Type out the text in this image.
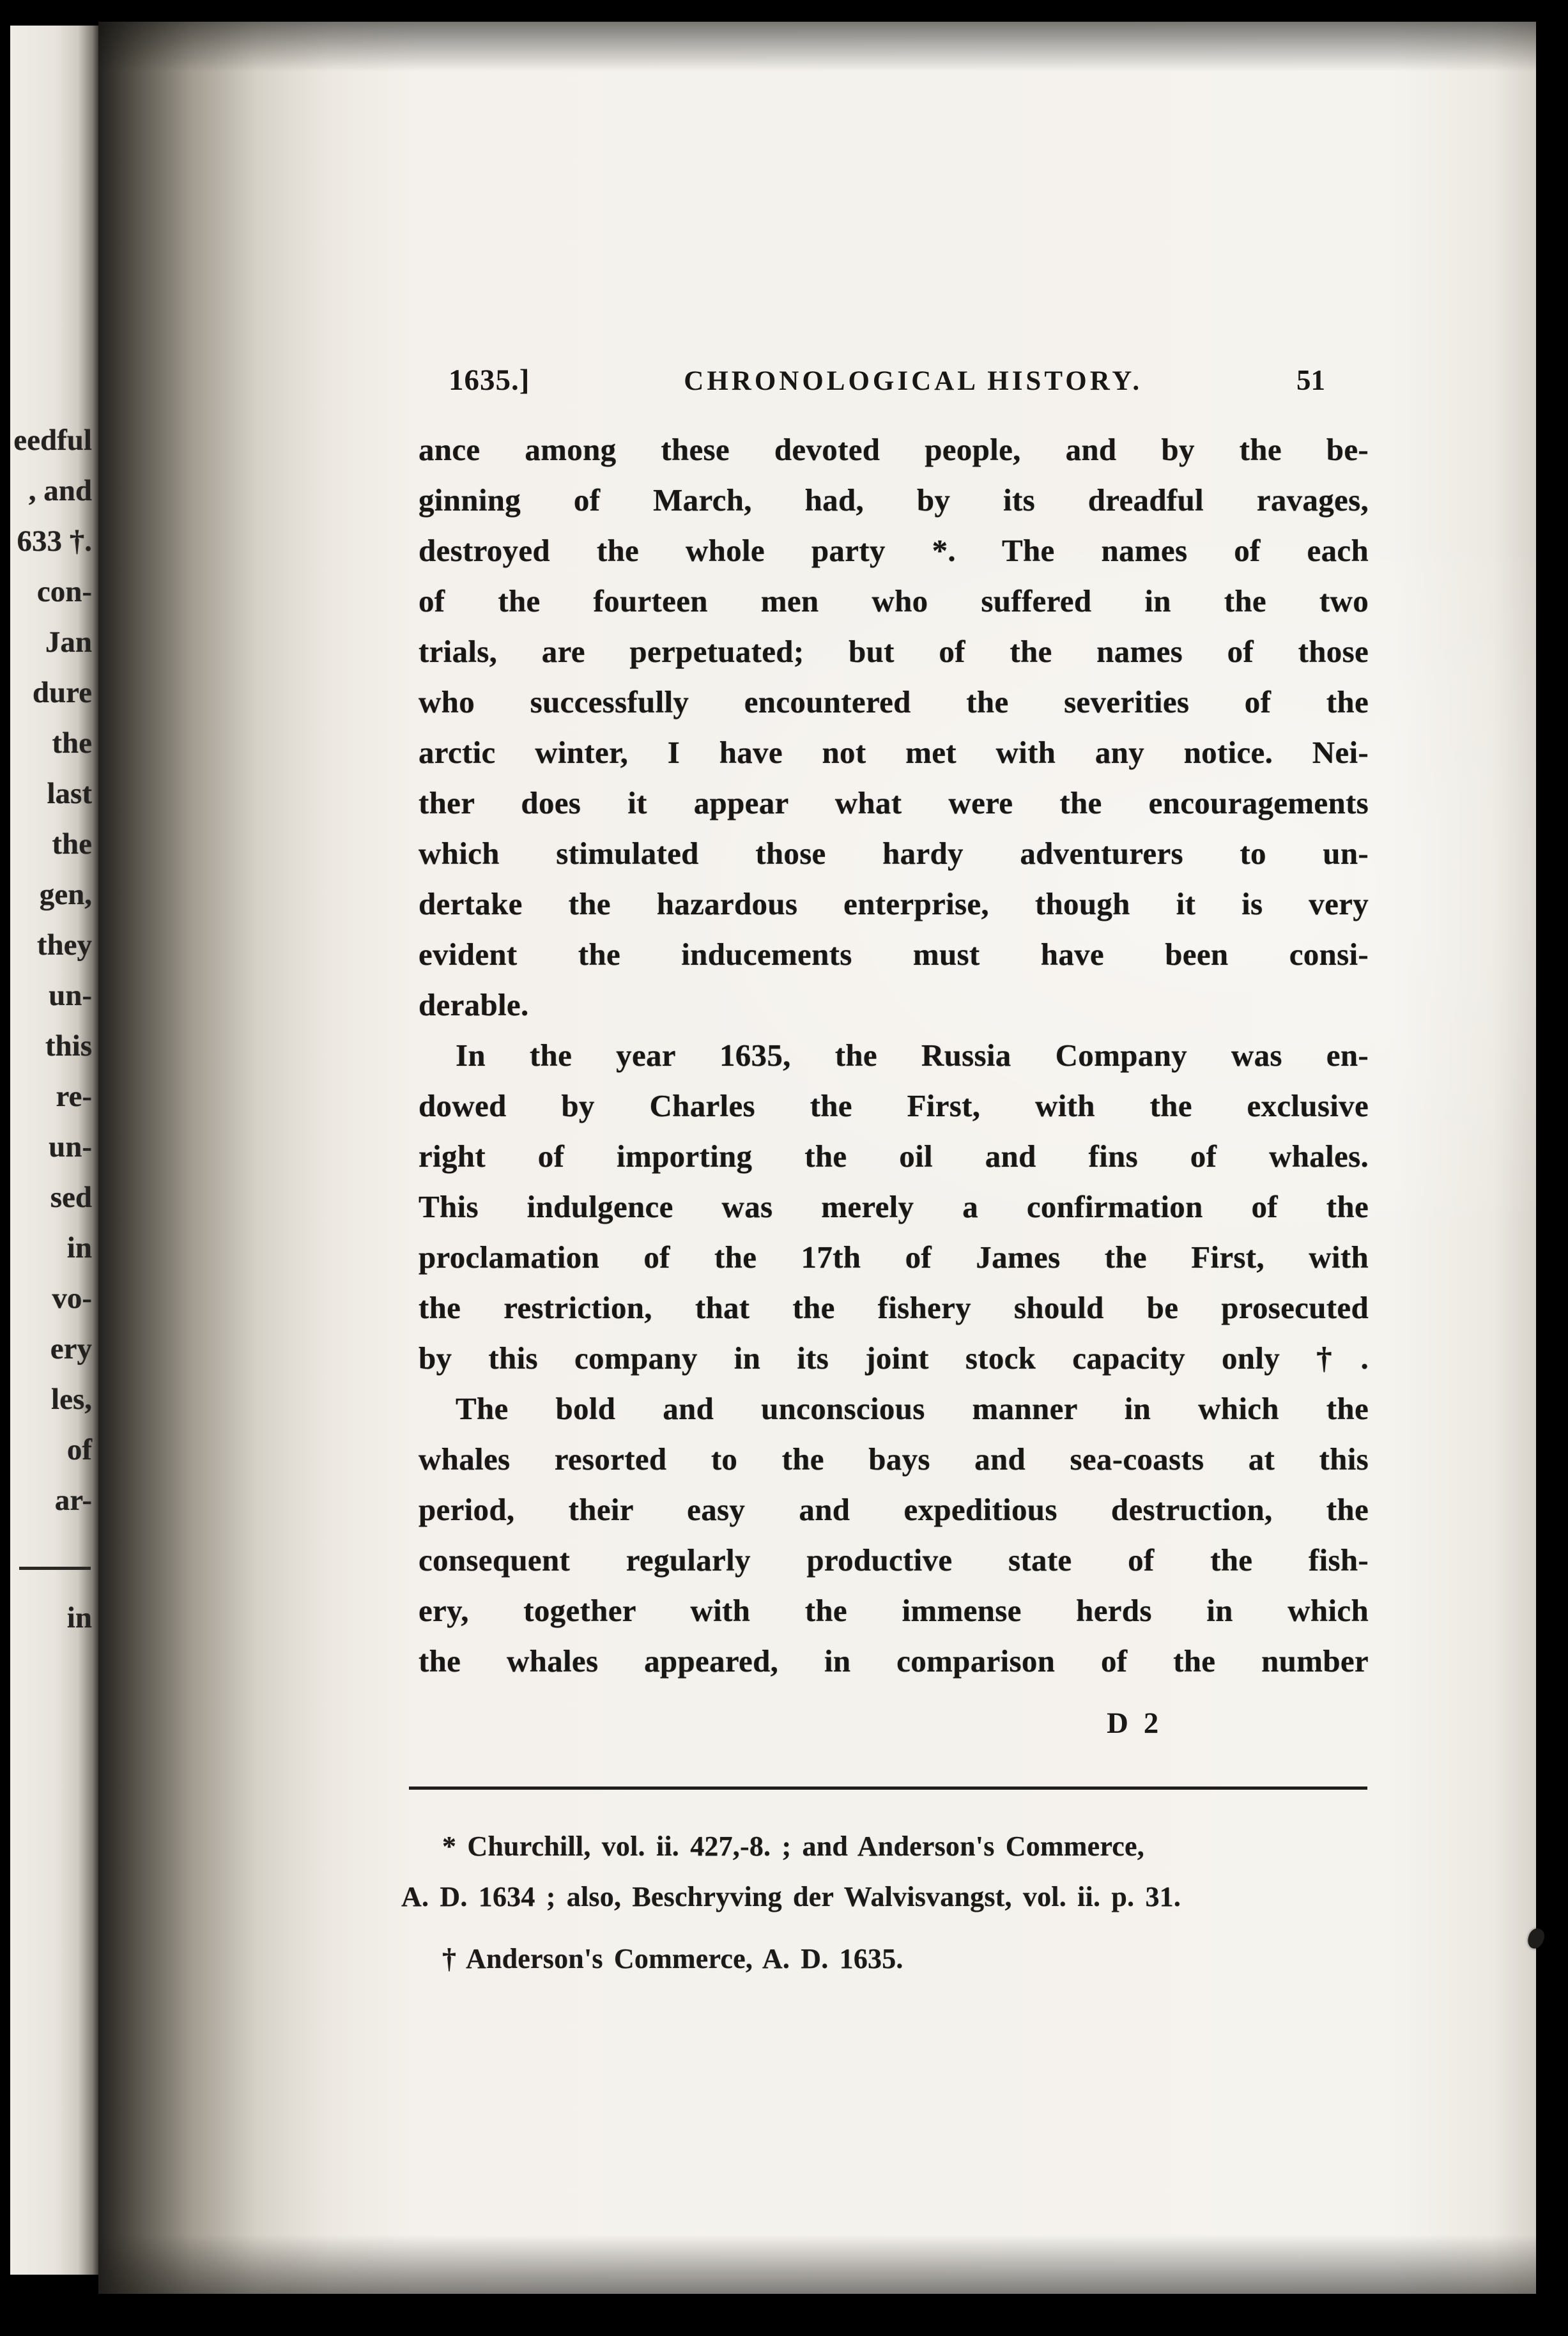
eedful
, and
633 †.
con-
Jan
dure
the
last
the
gen,
they
un-
this
re-
un-
sed
in
vo-
ery
les,
of
ar-
in
1635.]	CHRONOLOGICAL HISTORY.	51
ance among these devoted people, and by the be-
ginning of March, had, by its dreadful ravages,
destroyed the whole party *. The names of each
of the fourteen men who suffered in the two
trials, are perpetuated; but of the names of those
who successfully encountered the severities of the
arctic winter, I have not met with any notice. Nei-
ther does it appear what were the encouragements
which stimulated those hardy adventurers to un-
dertake the hazardous enterprise, though it is very
evident the inducements must have been consi-
derable.
In the year 1635, the Russia Company was en-
dowed by Charles the First, with the exclusive
right of importing the oil and fins of whales.
This indulgence was merely a confirmation of the
proclamation of the 17th of James the First, with
the restriction, that the fishery should be prosecuted
by this company in its joint stock capacity only †.
The bold and unconscious manner in which the
whales resorted to the bays and sea-coasts at this
period, their easy and expeditious destruction, the
consequent regularly productive state of the fish-
ery, together with the immense herds in which
the whales appeared, in comparison of the number
D 2
* Churchill, vol. ii. 427,-8. ; and Anderson's Commerce,
A. D. 1634 ; also, Beschryving der Walvisvangst, vol. ii. p. 31.
† Anderson's Commerce, A. D. 1635.
